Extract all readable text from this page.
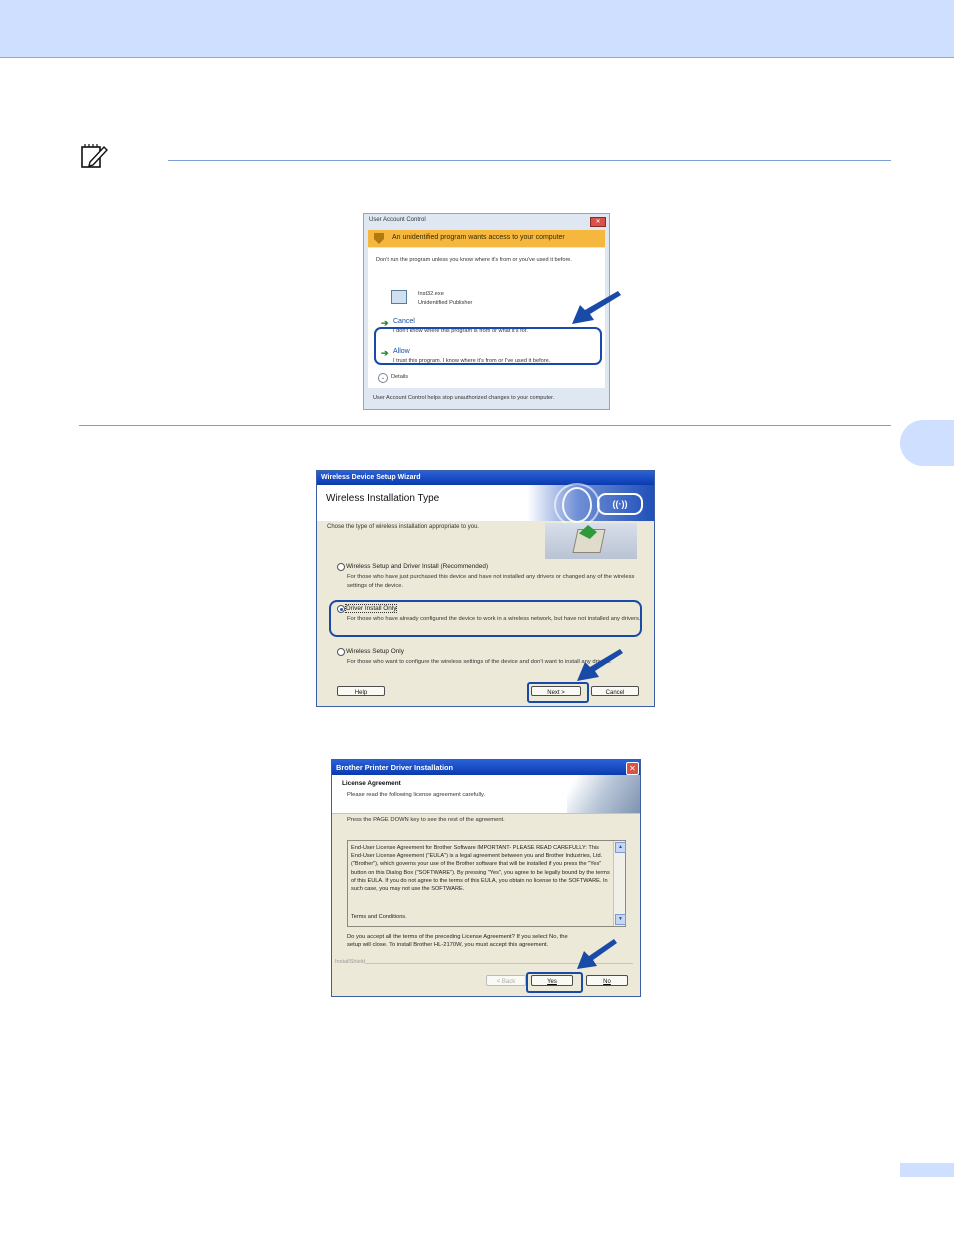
User Account Control	✕
An unidentified program wants access to your computer
Don't run the program unless you know where it's from or you've used it before.
Inst32.exe
Unidentified Publisher
➔ Cancel
I don't know where this program is from or what it's for.
➔ Allow
I trust this program. I know where it's from or I've used it before.
⌄	Details
User Account Control helps stop unauthorized changes to your computer.
Wireless Device Setup Wizard
((·))
Wireless Installation Type
Chose the type of wireless installation appropriate to you.
Wireless Setup and Driver Install (Recommended)
For those who have just purchased this device and have not installed any drivers or changed any of the wireless settings of the device.
Driver Install Only
For those who have already configured the device to work in a wireless network, but have not installed any drivers.
Wireless Setup Only
For those who want to configure the wireless settings of the device and don't want to install any drivers.
Help	Next >	Cancel
Brother Printer Driver Installation	✕
License Agreement
Please read the following license agreement carefully.
Press the PAGE DOWN key to see the rest of the agreement.
End-User License Agreement for Brother Software IMPORTANT- PLEASE READ CAREFULLY: This End-User License Agreement ("EULA") is a legal agreement between you and Brother Industries, Ltd. ("Brother"), which governs your use of the Brother software that will be installed if you press the "Yes" button on this Dialog Box ("SOFTWARE"). By pressing "Yes", you agree to be legally bound by the terms of this EULA. If you do not agree to the terms of this EULA, you obtain no license to the SOFTWARE. In such case, you may not use the SOFTWARE.
Terms and Conditions.
▲
▼
Do you accept all the terms of the preceding License Agreement? If you select No, the setup will close. To install Brother HL-2170W, you must accept this agreement.
InstallShield
< Back	Yes	No
